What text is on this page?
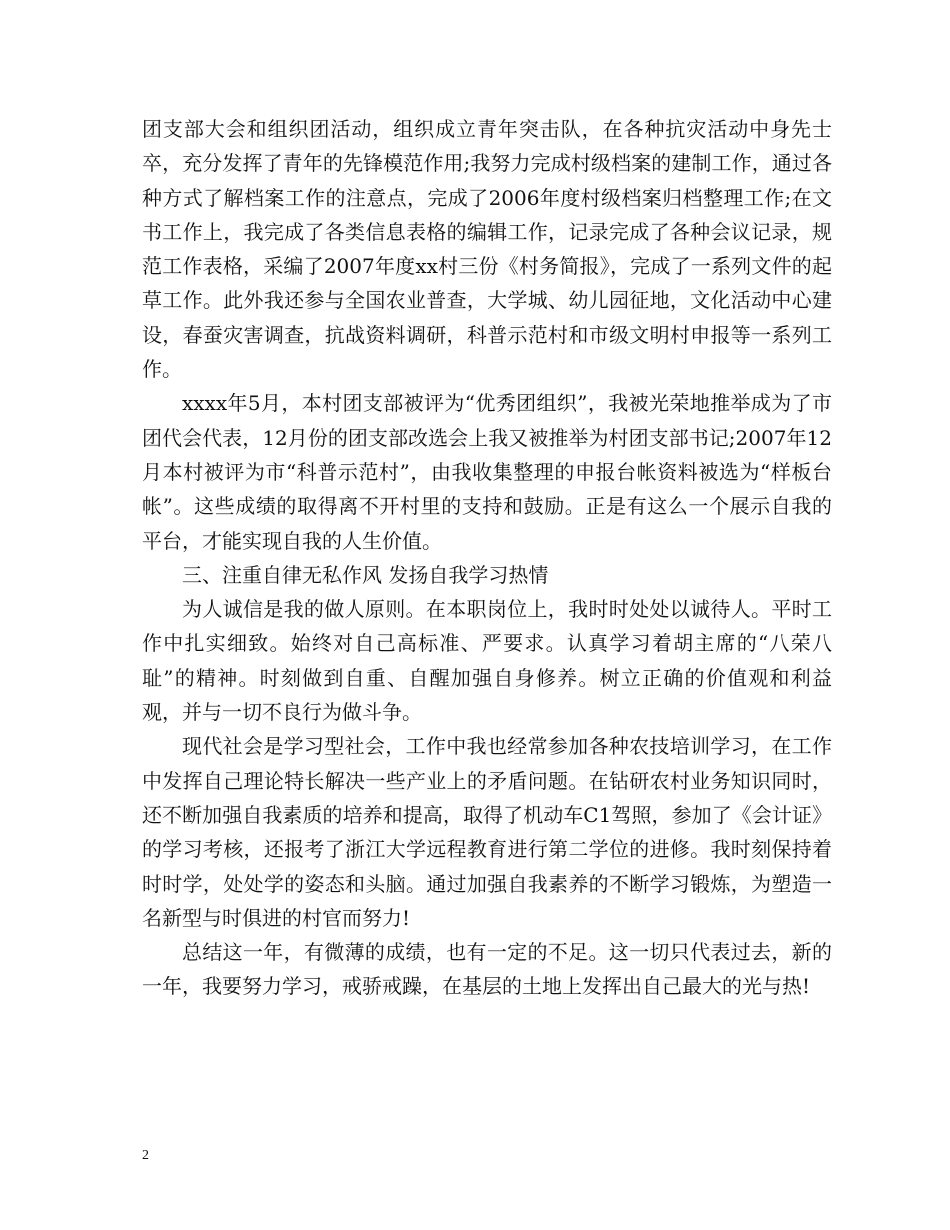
团支部大会和组织团活动，组织成立青年突击队，在各种抗灾活动中身先士卒，充分发挥了青年的先锋模范作用;我努力完成村级档案的建制工作，通过各种方式了解档案工作的注意点，完成了2006年度村级档案归档整理工作;在文书工作上，我完成了各类信息表格的编辑工作，记录完成了各种会议记录，规范工作表格，采编了2007年度xx村三份《村务简报》，完成了一系列文件的起草工作。此外我还参与全国农业普查，大学城、幼儿园征地，文化活动中心建设，春蚕灾害调查，抗战资料调研，科普示范村和市级文明村申报等一系列工作。

xxxx年5月，本村团支部被评为“优秀团组织”，我被光荣地推举成为了市团代会代表，12月份的团支部改选会上我又被推举为村团支部书记;2007年12月本村被评为市“科普示范村”，由我收集整理的申报台帐资料被选为“样板台帐”。这些成绩的取得离不开村里的支持和鼓励。正是有这么一个展示自我的平台，才能实现自我的人生价值。

三、注重自律无私作风 发扬自我学习热情

为人诚信是我的做人原则。在本职岗位上，我时时处处以诚待人。平时工作中扎实细致。始终对自己高标准、严要求。认真学习着胡主席的“八荣八耻”的精神。时刻做到自重、自醒加强自身修养。树立正确的价值观和利益观，并与一切不良行为做斗争。

现代社会是学习型社会，工作中我也经常参加各种农技培训学习，在工作中发挥自己理论特长解决一些产业上的矛盾问题。在钻研农村业务知识同时，还不断加强自我素质的培养和提高，取得了机动车C1驾照，参加了《会计证》的学习考核，还报考了浙江大学远程教育进行第二学位的进修。我时刻保持着时时学，处处学的姿态和头脑。通过加强自我素养的不断学习锻炼，为塑造一名新型与时俱进的村官而努力!

总结这一年，有微薄的成绩，也有一定的不足。这一切只代表过去，新的一年，我要努力学习，戒骄戒躁，在基层的土地上发挥出自己最大的光与热!

2
